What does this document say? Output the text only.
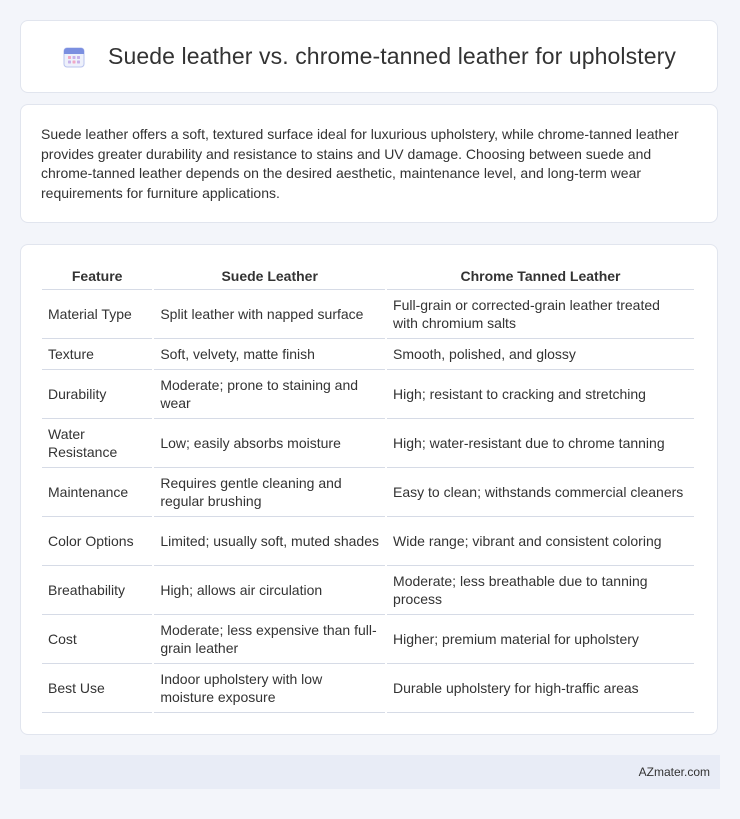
Suede leather vs. chrome-tanned leather for upholstery

Suede leather offers a soft, textured surface ideal for luxurious upholstery, while chrome-tanned leather provides greater durability and resistance to stains and UV damage. Choosing between suede and chrome-tanned leather depends on the desired aesthetic, maintenance level, and long-term wear requirements for furniture applications.

Feature	Suede Leather	Chrome Tanned Leather
Material Type	Split leather with napped surface	Full-grain or corrected-grain leather treated with chromium salts
Texture	Soft, velvety, matte finish	Smooth, polished, and glossy
Durability	Moderate; prone to staining and wear	High; resistant to cracking and stretching
Water Resistance	Low; easily absorbs moisture	High; water-resistant due to chrome tanning
Maintenance	Requires gentle cleaning and regular brushing	Easy to clean; withstands commercial cleaners
Color Options	Limited; usually soft, muted shades	Wide range; vibrant and consistent coloring
Breathability	High; allows air circulation	Moderate; less breathable due to tanning process
Cost	Moderate; less expensive than full-grain leather	Higher; premium material for upholstery
Best Use	Indoor upholstery with low moisture exposure	Durable upholstery for high-traffic areas
AZmater.com
